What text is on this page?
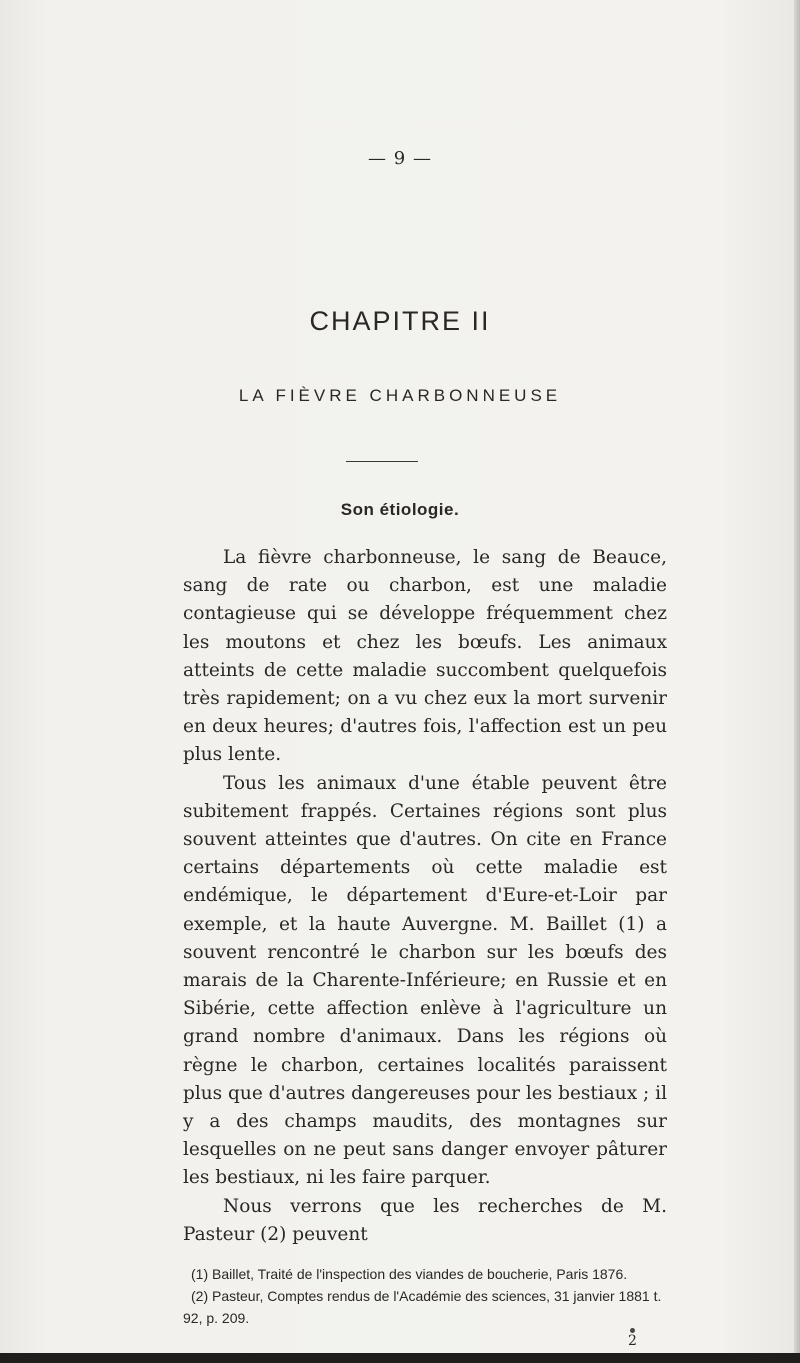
— 9 —
CHAPITRE II
LA FIÈVRE CHARBONNEUSE
Son étiologie.

La fièvre charbonneuse, le sang de Beauce, sang de rate ou charbon, est une maladie contagieuse qui se développe fréquemment chez les moutons et chez les bœufs. Les animaux atteints de cette maladie succombent quelquefois très rapidement; on a vu chez eux la mort survenir en deux heures; d'autres fois, l'affection est un peu plus lente.

Tous les animaux d'une étable peuvent être subitement frappés. Certaines régions sont plus souvent atteintes que d'autres. On cite en France certains départements où cette maladie est endémique, le département d'Eure-et-Loir par exemple, et la haute Auvergne. M. Baillet (1) a souvent rencontré le charbon sur les bœufs des marais de la Charente-Inférieure; en Russie et en Sibérie, cette affection enlève à l'agriculture un grand nombre d'animaux. Dans les régions où règne le charbon, certaines localités paraissent plus que d'autres dangereuses pour les bestiaux ; il y a des champs maudits, des montagnes sur lesquelles on ne peut sans danger envoyer pâturer les bestiaux, ni les faire parquer.

Nous verrons que les recherches de M. Pasteur (2) peuvent

(1) Baillet, Traité de l'inspection des viandes de boucherie, Paris 1876.

(2) Pasteur, Comptes rendus de l'Académie des sciences, 31 janvier 1881 t. 92, p. 209.

2
